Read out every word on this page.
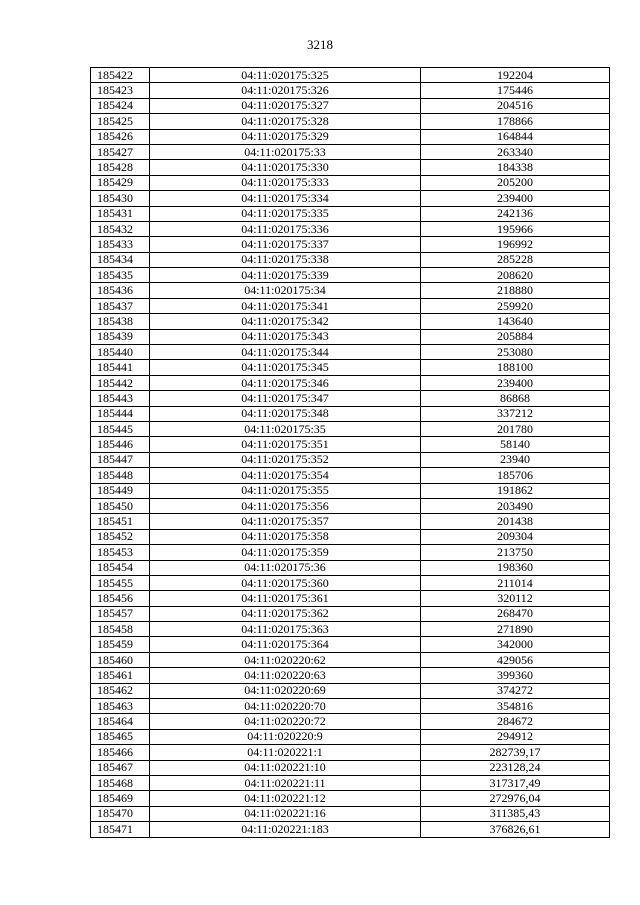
3218
185422	04:11:020175:325	192204
185423	04:11:020175:326	175446
185424	04:11:020175:327	204516
185425	04:11:020175:328	178866
185426	04:11:020175:329	164844
185427	04:11:020175:33	263340
185428	04:11:020175:330	184338
185429	04:11:020175:333	205200
185430	04:11:020175:334	239400
185431	04:11:020175:335	242136
185432	04:11:020175:336	195966
185433	04:11:020175:337	196992
185434	04:11:020175:338	285228
185435	04:11:020175:339	208620
185436	04:11:020175:34	218880
185437	04:11:020175:341	259920
185438	04:11:020175:342	143640
185439	04:11:020175:343	205884
185440	04:11:020175:344	253080
185441	04:11:020175:345	188100
185442	04:11:020175:346	239400
185443	04:11:020175:347	86868
185444	04:11:020175:348	337212
185445	04:11:020175:35	201780
185446	04:11:020175:351	58140
185447	04:11:020175:352	23940
185448	04:11:020175:354	185706
185449	04:11:020175:355	191862
185450	04:11:020175:356	203490
185451	04:11:020175:357	201438
185452	04:11:020175:358	209304
185453	04:11:020175:359	213750
185454	04:11:020175:36	198360
185455	04:11:020175:360	211014
185456	04:11:020175:361	320112
185457	04:11:020175:362	268470
185458	04:11:020175:363	271890
185459	04:11:020175:364	342000
185460	04:11:020220:62	429056
185461	04:11:020220:63	399360
185462	04:11:020220:69	374272
185463	04:11:020220:70	354816
185464	04:11:020220:72	284672
185465	04:11:020220:9	294912
185466	04:11:020221:1	282739,17
185467	04:11:020221:10	223128,24
185468	04:11:020221:11	317317,49
185469	04:11:020221:12	272976,04
185470	04:11:020221:16	311385,43
185471	04:11:020221:183	376826,61
